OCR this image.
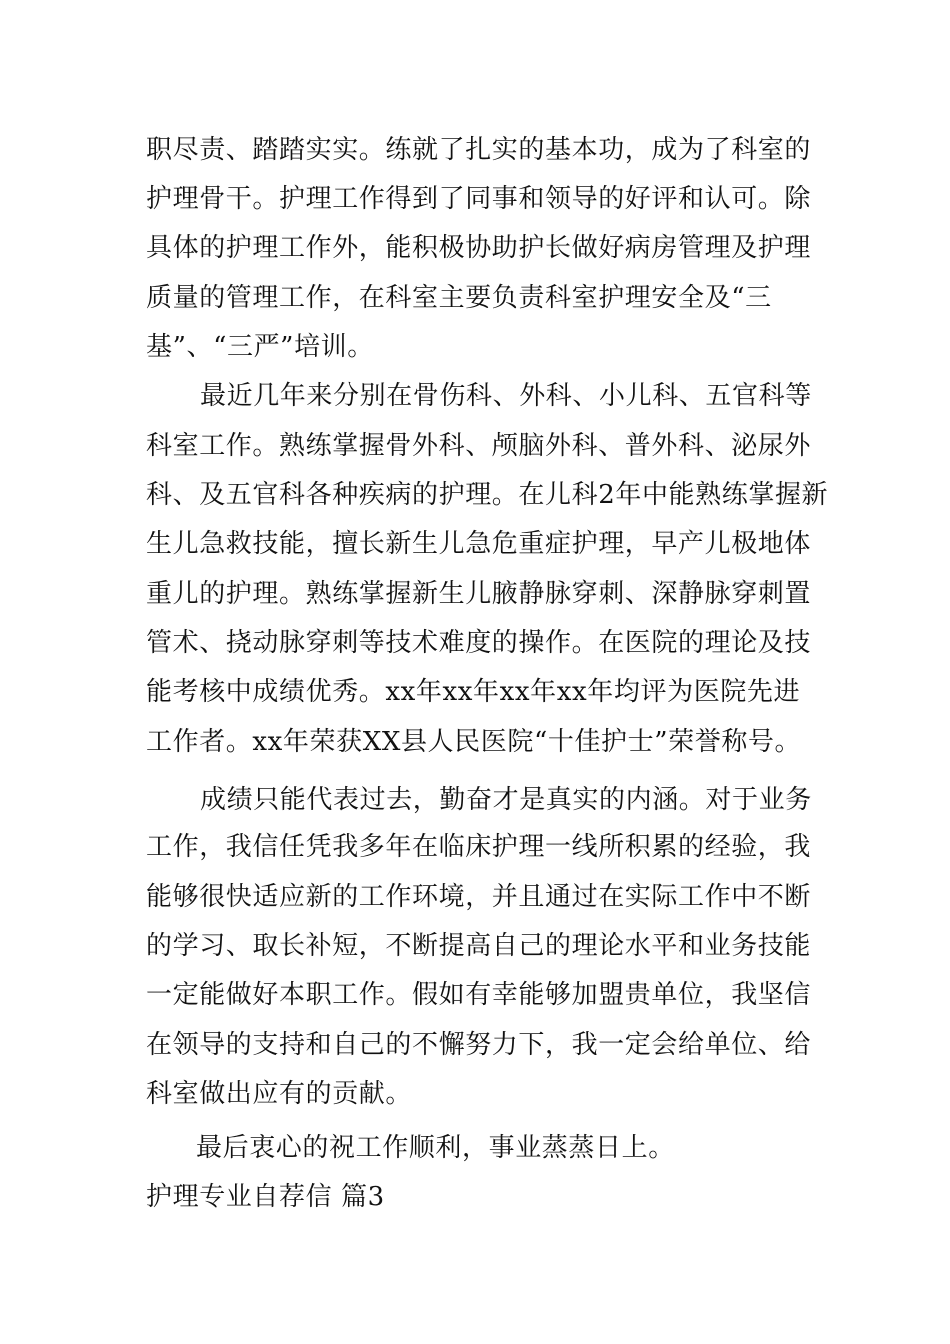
职尽责、踏踏实实。练就了扎实的基本功，成为了科室的
护理骨干。护理工作得到了同事和领导的好评和认可。除
具体的护理工作外，能积极协助护长做好病房管理及护理
质量的管理工作，在科室主要负责科室护理安全及“三
基”、“三严”培训。
最近几年来分别在骨伤科、外科、小儿科、五官科等
科室工作。熟练掌握骨外科、颅脑外科、普外科、泌尿外
科、及五官科各种疾病的护理。在儿科2年中能熟练掌握新
生儿急救技能，擅长新生儿急危重症护理，早产儿极地体
重儿的护理。熟练掌握新生儿腋静脉穿刺、深静脉穿刺置
管术、挠动脉穿刺等技术难度的操作。在医院的理论及技
能考核中成绩优秀。xx年xx年xx年xx年均评为医院先进
工作者。xx年荣获XX县人民医院“十佳护士”荣誉称号。
成绩只能代表过去，勤奋才是真实的内涵。对于业务
工作，我信任凭我多年在临床护理一线所积累的经验，我
能够很快适应新的工作环境，并且通过在实际工作中不断
的学习、取长补短，不断提高自己的理论水平和业务技能
一定能做好本职工作。假如有幸能够加盟贵单位，我坚信
在领导的支持和自己的不懈努力下，我一定会给单位、给
科室做出应有的贡献。
最后衷心的祝工作顺利，事业蒸蒸日上。
护理专业自荐信 篇3
